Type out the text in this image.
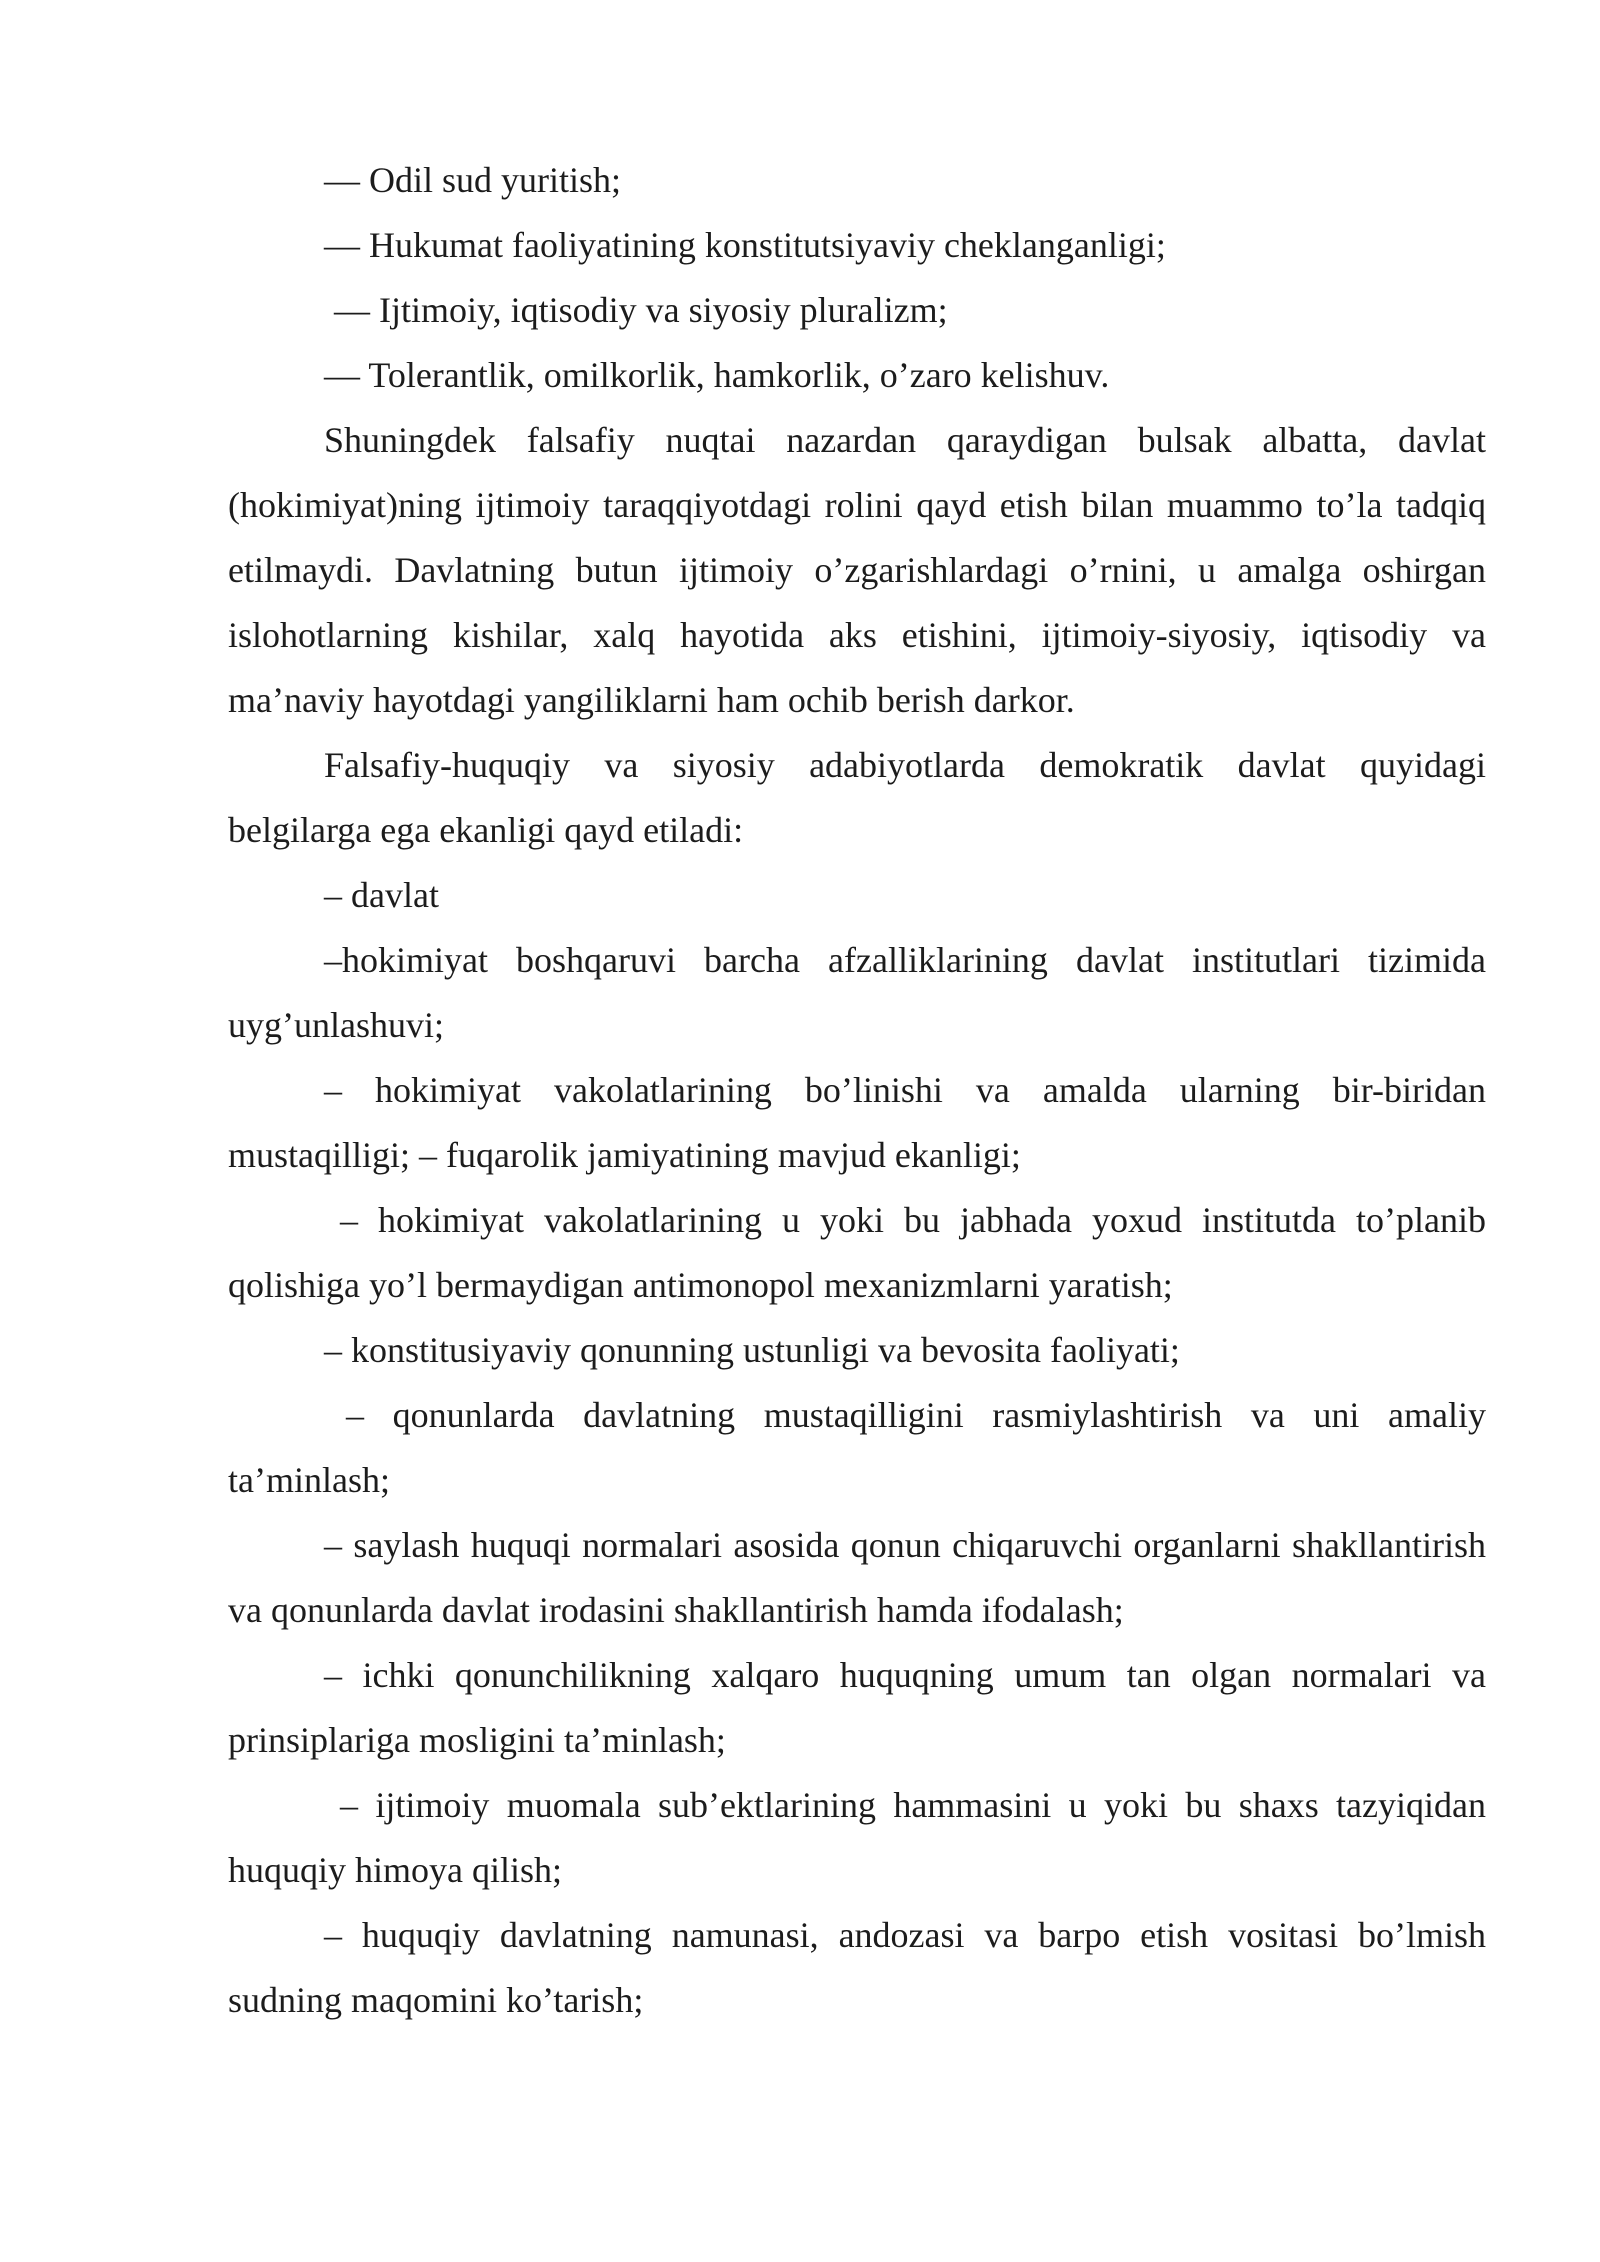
— Odil sud yuritish;

— Hukumat faoliyatining konstitutsiyaviy cheklanganligi;

— Ijtimoiy, iqtisodiy va siyosiy pluralizm;

— Tolerantlik, omilkorlik, hamkorlik, o’zaro kelishuv.

Shuningdek falsafiy nuqtai nazardan qaraydigan bulsak albatta, davlat (hokimiyat)ning ijtimoiy taraqqiyotdagi rolini qayd etish bilan muammo to’la tadqiq etilmaydi. Davlatning butun ijtimoiy o’zgarishlardagi o’rnini, u amalga oshirgan islohotlarning kishilar, xalq hayotida aks etishini, ijtimoiy-siyosiy, iqtisodiy va ma’naviy hayotdagi yangiliklarni ham ochib berish darkor.

Falsafiy-huquqiy va siyosiy adabiyotlarda demokratik davlat quyidagi belgilarga ega ekanligi qayd etiladi:

– davlat

–hokimiyat boshqaruvi barcha afzalliklarining davlat institutlari tizimida uyg’unlashuvi;

– hokimiyat vakolatlarining bo’linishi va amalda ularning bir-biridan mustaqilligi; – fuqarolik jamiyatining mavjud ekanligi;

– hokimiyat vakolatlarining u yoki bu jabhada yoxud institutda to’planib qolishiga yo’l bermaydigan antimonopol mexanizmlarni yaratish;

– konstitusiyaviy qonunning ustunligi va bevosita faoliyati;

– qonunlarda davlatning mustaqilligini rasmiylashtirish va uni amaliy ta’minlash;

– saylash huquqi normalari asosida qonun chiqaruvchi organlarni shakllantirish va qonunlarda davlat irodasini shakllantirish hamda ifodalash;

– ichki qonunchilikning xalqaro huquqning umum tan olgan normalari va prinsiplariga mosligini ta’minlash;

– ijtimoiy muomala sub’ektlarining hammasini u yoki bu shaxs tazyiqidan huquqiy himoya qilish;

– huquqiy davlatning namunasi, andozasi va barpo etish vositasi bo’lmish sudning maqomini ko’tarish;
